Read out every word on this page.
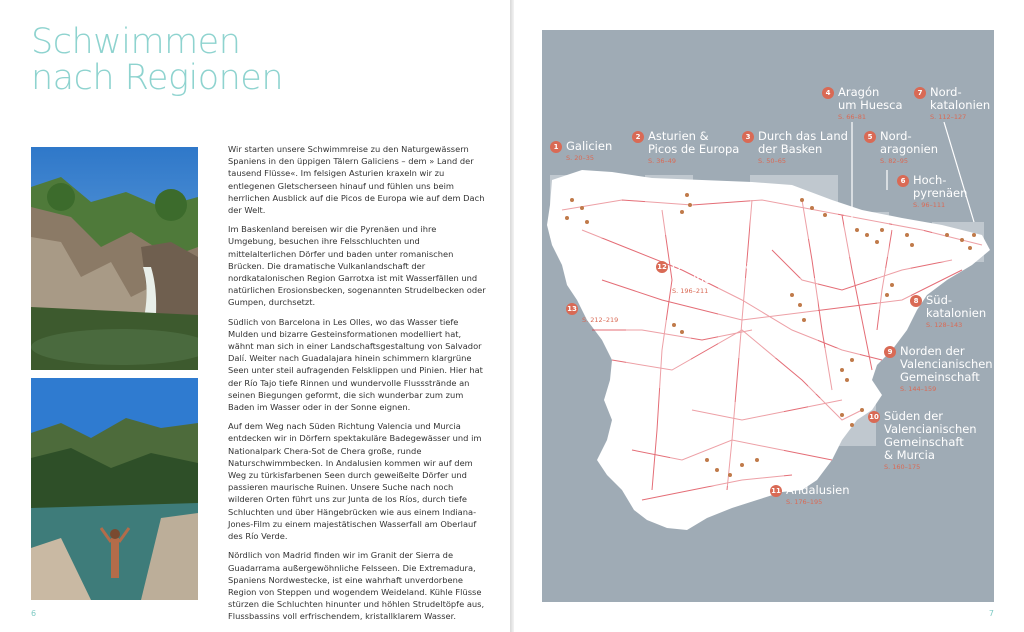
Schwimmen
nach Regionen

Wir starten unsere Schwimmreise zu den Naturgewässern Spaniens in den üppigen Tälern Galiciens – dem » Land der tausend Flüsse«. Im felsigen Asturien kraxeln wir zu entlegenen Gletscherseen hinauf und fühlen uns beim herrlichen Ausblick auf die Picos de Europa wie auf dem Dach der Welt.

Im Baskenland bereisen wir die Pyrenäen und ihre Umgebung, besuchen ihre Felsschluchten und mittelalterlichen Dörfer und baden unter romanischen Brücken. Die dramatische Vulkanlandschaft der nordkatalonischen Region Garrotxa ist mit Wasserfällen und natürlichen Erosionsbecken, sogenannten Strudelbecken oder Gumpen, durchsetzt.

Südlich von Barcelona in Les Olles, wo das Wasser tiefe Mulden und bizarre Gesteinsformationen modelliert hat, wähnt man sich in einer Landschaftsgestaltung von Salvador Dalí. Weiter nach Guadalajara hinein schimmern klargrüne Seen unter steil aufragenden Felsklippen und Pinien. Hier hat der Río Tajo tiefe Rinnen und wundervolle Flussstrände an seinen Biegungen geformt, die sich wunderbar zum zum Baden im Wasser oder in der Sonne eignen.

Auf dem Weg nach Süden Richtung Valencia und Murcia entdecken wir in Dörfern spektakuläre Badegewässer und im Nationalpark Chera-Sot de Chera große, runde Naturschwimmbecken. In Andalusien kommen wir auf dem Weg zu türkisfarbenen Seen durch geweißelte Dörfer und passieren maurische Ruinen. Unsere Suche nach noch wilderen Orten führt uns zur Junta de los Ríos, durch tiefe Schluchten und über Hängebrücken wie aus einem Indiana-Jones-Film zu einem majestätischen Wasserfall am Oberlauf des Río Verde.

Nördlich von Madrid finden wir im Granit der Sierra de Guadarrama außergewöhnliche Felsseen. Die Extremadura, Spaniens Nordwestecke, ist eine wahrhaft unverdorbene Region von Steppen und wogendem Weideland. Kühle Flüsse stürzen die Schluchten hinunter und höhlen Strudeltöpfe aus, Flussbassins voll erfrischendem, kristallklarem Wasser.

6	7
1 Galicien
S. 20–35
2 Asturien &
Picos de Europa
S. 36–49
3 Durch das Land
der Basken
S. 50–65
4 Aragón
um Huesca
S. 66–81
7 Nord-
katalonien
S. 112–127
5 Nord-
aragonien
S. 82–95
6 Hoch-
pyrenäen
S. 96–111
8 Süd-
katalonien
S. 128–143
9 Norden der
Valencianischen
Gemeinschaft
S. 144–159
10 Süden der
Valencianischen
Gemeinschaft
& Murcia
S. 160–175
11 Andalusien
S. 176–195
12 Guadalajara &
Madrid
S. 196–211
13 Extremadura
S. 212–219
